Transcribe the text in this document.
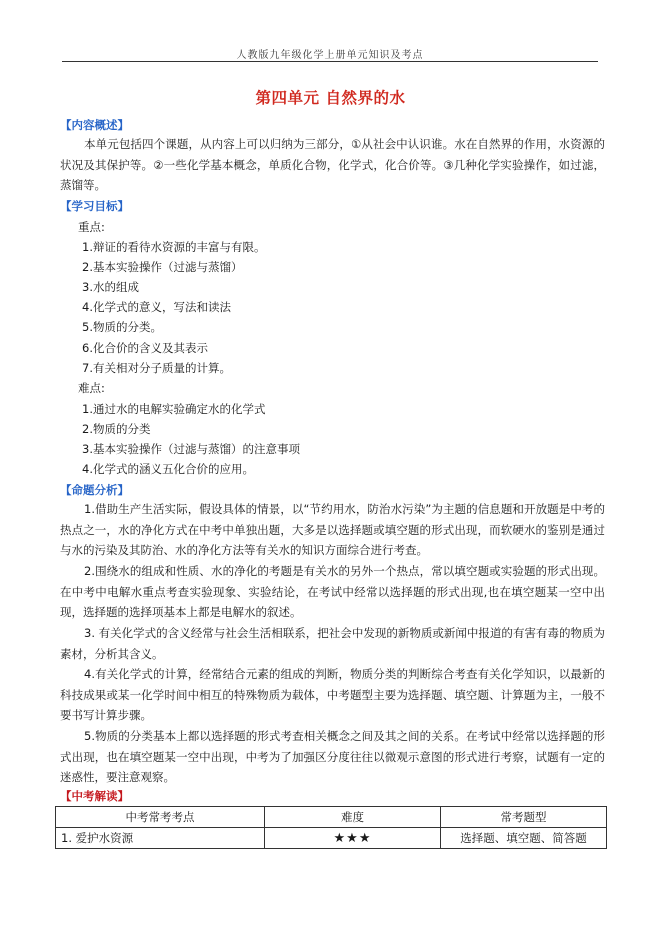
人教版九年级化学上册单元知识及考点
第四单元 自然界的水
【内容概述】

本单元包括四个课题，从内容上可以归纳为三部分，①从社会中认识谁。水在自然界的作用，水资源的状况及其保护等。②一些化学基本概念，单质化合物，化学式，化合价等。③几种化学实验操作，如过滤，蒸馏等。

【学习目标】
重点:
1.辩证的看待水资源的丰富与有限。
2.基本实验操作（过滤与蒸馏）
3.水的组成
4.化学式的意义，写法和读法
5.物质的分类。
6.化合价的含义及其表示
7.有关相对分子质量的计算。
难点:
1.通过水的电解实验确定水的化学式
2.物质的分类
3.基本实验操作（过滤与蒸馏）的注意事项
4.化学式的涵义五化合价的应用。
【命题分析】

1.借助生产生活实际，假设具体的情景，以“节约用水，防治水污染”为主题的信息题和开放题是中考的热点之一，水的净化方式在中考中单独出题，大多是以选择题或填空题的形式出现，而软硬水的鉴别是通过与水的污染及其防治、水的净化方法等有关水的知识方面综合进行考查。

2.围绕水的组成和性质、水的净化的考题是有关水的另外一个热点，常以填空题或实验题的形式出现。在中考中电解水重点考查实验现象、实验结论，在考试中经常以选择题的形式出现,也在填空题某一空中出现，选择题的选择项基本上都是电解水的叙述。

3. 有关化学式的含义经常与社会生活相联系，把社会中发现的新物质或新闻中报道的有害有毒的物质为素材，分析其含义。

4.有关化学式的计算，经常结合元素的组成的判断，物质分类的判断综合考查有关化学知识，以最新的科技成果或某一化学时间中相互的特殊物质为载体，中考题型主要为选择题、填空题、计算题为主，一般不要书写计算步骤。

5.物质的分类基本上都以选择题的形式考查相关概念之间及其之间的关系。在考试中经常以选择题的形式出现，也在填空题某一空中出现，中考为了加强区分度往往以微观示意图的形式进行考察，试题有一定的迷惑性，要注意观察。

【中考解读】
中考常考考点	难度	常考题型
1. 爱护水资源	★★★	选择题、填空题、简答题
